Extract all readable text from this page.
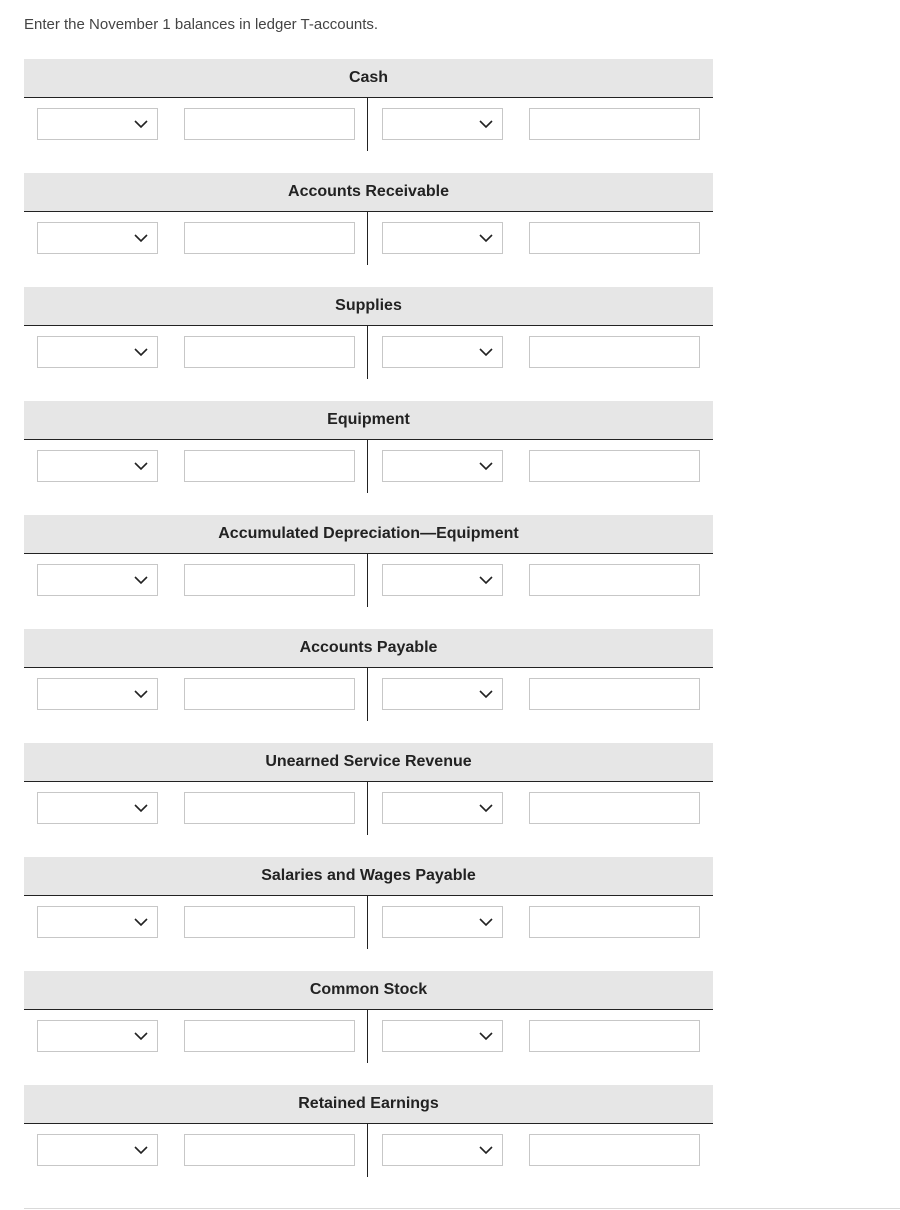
Enter the November 1 balances in ledger T-accounts.

Cash
Accounts Receivable
Supplies
Equipment
Accumulated Depreciation—Equipment
Accounts Payable
Unearned Service Revenue
Salaries and Wages Payable
Common Stock
Retained Earnings
